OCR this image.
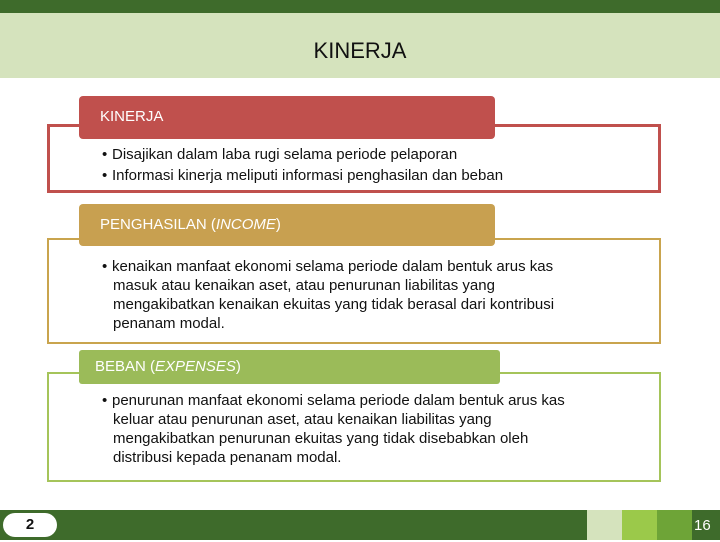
KINERJA
KINERJA
• Disajikan dalam laba rugi selama periode pelaporan
• Informasi kinerja meliputi informasi penghasilan dan beban
PENGHASILAN (INCOME)
• kenaikan manfaat ekonomi selama periode dalam bentuk arus kas
masuk atau kenaikan aset, atau penurunan liabilitas yang
mengakibatkan kenaikan ekuitas yang tidak berasal dari kontribusi
penanam modal.
BEBAN (EXPENSES)
• penurunan manfaat ekonomi selama periode dalam bentuk arus kas
keluar atau penurunan aset, atau kenaikan liabilitas yang
mengakibatkan penurunan ekuitas yang tidak disebabkan oleh
distribusi kepada penanam modal.
2	16
